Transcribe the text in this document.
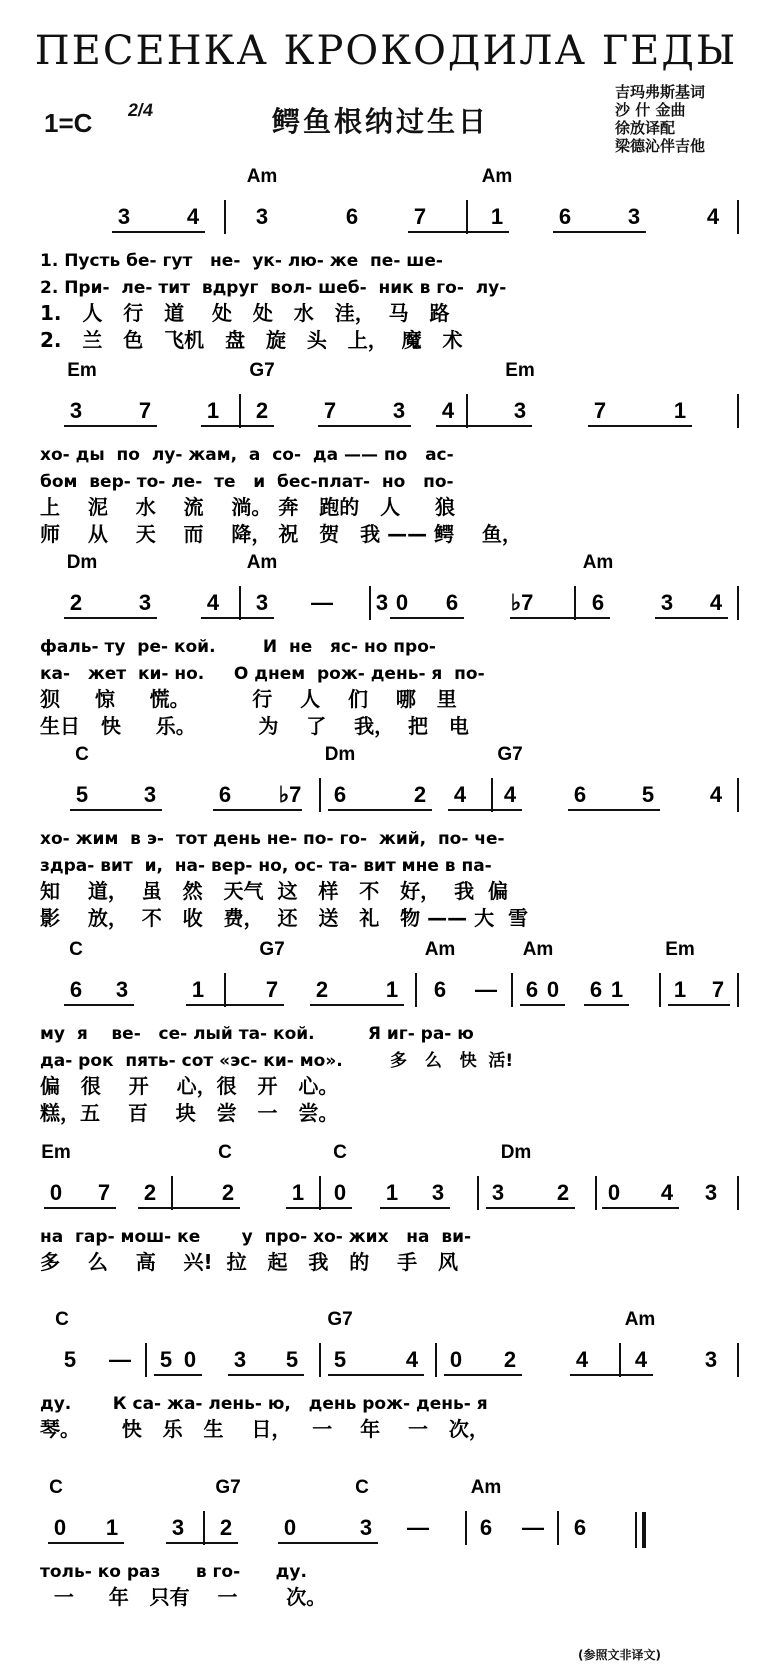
ПЕСЕНКА КРОКОДИЛА ГЕДЫ
1=C 2/4	鳄鱼根纳过生日
吉玛弗斯基词
沙 什 金曲
徐放译配
梁德沁伴吉他
Am	Am
3	4	3	6	7	1	6	3	4
1. Пусть бе- гут   не-  ук- лю- же  пе- ше-
2. При-  ле- тит  вдруг  вол- шеб-  ник в го-  лу-
1.   人   行   道    处   处   水   洼，  马   路
2.   兰   色   飞机   盘   旋   头   上，  魔   术
Em	G7	Em
3	7	1 2	7	3 4	3	7	1
хо- ды  по  лу- жам,  а  со-  да —— по   ас-
бом  вер- то- ле-  те   и  бес-плат-  но   по-
上    泥    水    流    淌。 奔   跑的   人     狼
师    从    天    而    降， 祝   贺   我 —— 鳄    鱼，
Dm	Am	Am
2	3	4 3 — 3 0 6 ♭7	6	3 4
фаль- ту  ре- кой.        И  не   яс- но про-
ка-   жет  ки- но.     О днем  рож- день- я  по-
狈     惊     慌。         行    人    们    哪   里
生日   快     乐。         为    了    我，  把   电
C	Dm	G7
5	3	6 ♭7 6	2 4 4	6	5	4
хо- жим  в э-  тот день не- по- го-  жий,  по- че-
здра- вит  и,  на- вер- но, ос- та- вит мне в па-
知    道，  虽   然   天气  这   样   不   好，  我  偏
影    放，  不   收   费，  还   送   礼   物 —— 大  雪
C	G7	Am	Am	Em
6 3	1	7 2	1 6 — 6 0 6 1 1 7
му  я    ве-   се- лый та- кой.         Я иг- ра- ю
да- рок  пять- сот «эс- ки- мо».        多   么   快  活!
偏   很    开    心，很   开   心。
糕，五    百    块   尝   一   尝。
Em	C	C	Dm
0 7 2	2	1 0 1 3 3 2 0 4 3
на  гар- мош- ке       у  про- хо- жих   на  ви-
多    么    高    兴!  拉   起   我   的    手   风
C	G7	Am
5 — 5 0 3 5 5	4 0 2	4 4	3
ду.       К са- жа- лень- ю,   день рож- день- я
琴。      快   乐   生    日，   一    年    一   次，
C	G7	C	Am
0 1 3 2 0	3 — 6 — 6
толь- ко раз      в го-      ду.
一     年   只有    一       次。
(参照文非译文)
